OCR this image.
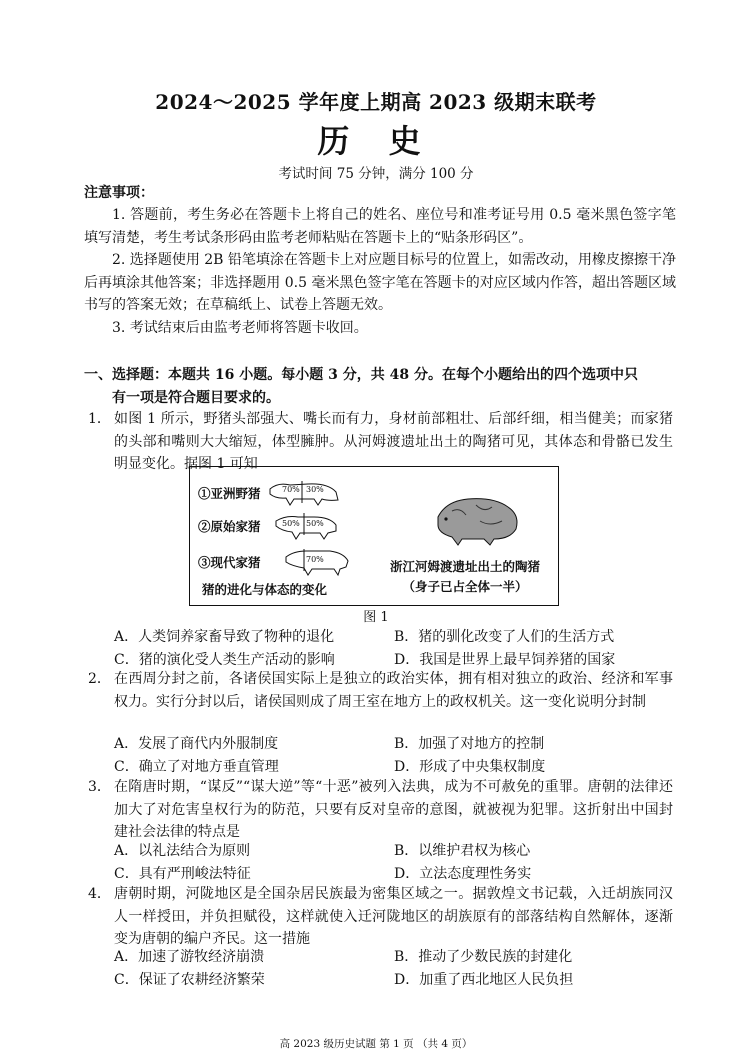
2024～2025 学年度上期高 2023 级期末联考
历 史
考试时间 75 分钟，满分 100 分
注意事项：

1. 答题前，考生务必在答题卡上将自己的姓名、座位号和准考证号用 0.5 毫米黑色签字笔填写清楚，考生考试条形码由监考老师粘贴在答题卡上的“贴条形码区”。

2. 选择题使用 2B 铅笔填涂在答题卡上对应题目标号的位置上，如需改动，用橡皮擦擦干净后再填涂其他答案；非选择题用 0.5 毫米黑色签字笔在答题卡的对应区域内作答，超出答题区域书写的答案无效；在草稿纸上、试卷上答题无效。

3. 考试结束后由监考老师将答题卡收回。

一、选择题：本题共 16 小题。每小题 3 分，共 48 分。在每个小题给出的四个选项中只
有一项是符合题目要求的。
1． 如图 1 所示，野猪头部强大、嘴长而有力，身材前部粗壮、后部纤细，相当健美；而家猪的头部和嘴则大大缩短，体型臃肿。从河姆渡遗址出土的陶猪可见，其体态和骨骼已发生明显变化。据图 1 可知
①亚洲野猪	70% 30%
②原始家猪	50% 50%
③现代家猪	70%
猪的进化与体态的变化
浙江河姆渡遗址出土的陶猪
（身子已占全体一半）
图 1
A．人类饲养家畜导致了物种的退化	B．猪的驯化改变了人们的生活方式
C．猪的演化受人类生产活动的影响	D．我国是世界上最早饲养猪的国家
2． 在西周分封之前，各诸侯国实际上是独立的政治实体，拥有相对独立的政治、经济和军事权力。实行分封以后，诸侯国则成了周王室在地方上的政权机关。这一变化说明分封制
A．发展了商代内外服制度	B．加强了对地方的控制
C．确立了对地方垂直管理	D．形成了中央集权制度
3． 在隋唐时期，“谋反”“谋大逆”等“十恶”被列入法典，成为不可赦免的重罪。唐朝的法律还加大了对危害皇权行为的防范，只要有反对皇帝的意图，就被视为犯罪。这折射出中国封建社会法律的特点是
A．以礼法结合为原则	B．以维护君权为核心
C．具有严刑峻法特征	D．立法态度理性务实
4． 唐朝时期，河陇地区是全国杂居民族最为密集区域之一。据敦煌文书记载，入迁胡族同汉人一样授田，并负担赋役，这样就使入迁河陇地区的胡族原有的部落结构自然解体，逐渐变为唐朝的编户齐民。这一措施
A．加速了游牧经济崩溃	B．推动了少数民族的封建化
C．保证了农耕经济繁荣	D．加重了西北地区人民负担
高 2023 级历史试题 第 1 页 （共 4 页）
